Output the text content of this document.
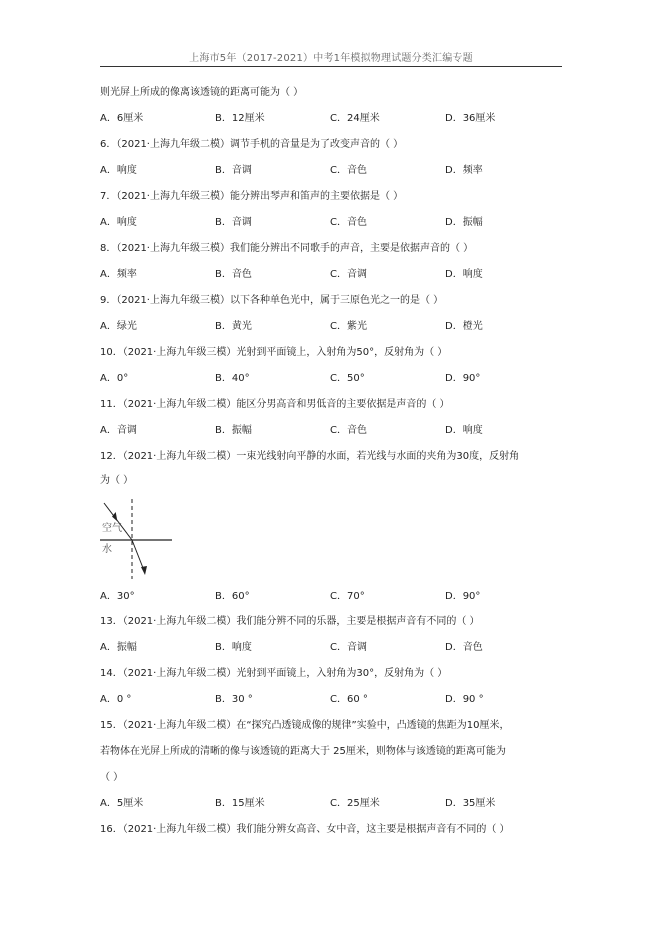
上海市5年（2017-2021）中考1年模拟物理试题分类汇编专题
则光屏上所成的像离该透镜的距离可能为（ ）
A．6厘米	B．12厘米	C．24厘米	D．36厘米
6．（2021·上海九年级二模）调节手机的音量是为了改变声音的（ ）
A．响度	B．音调	C．音色	D．频率
7．（2021·上海九年级三模）能分辨出琴声和笛声的主要依据是（ ）
A．响度	B．音调	C．音色	D．振幅
8．（2021·上海九年级三模）我们能分辨出不同歌手的声音，主要是依据声音的（ ）
A．频率	B．音色	C．音调	D．响度
9．（2021·上海九年级三模）以下各种单色光中，属于三原色光之一的是（ ）
A．绿光	B．黄光	C．紫光	D．橙光
10．（2021·上海九年级三模）光射到平面镜上，入射角为50°，反射角为（ ）
A．0°	B．40°	C．50°	D．90°
11．（2021·上海九年级二模）能区分男高音和男低音的主要依据是声音的（ ）
A．音调	B．振幅	C．音色	D．响度
12．（2021·上海九年级二模）一束光线射向平静的水面，若光线与水面的夹角为30度，反射角
为（ ）
空气
水
A．30°	B．60°	C．70°	D．90°
13．（2021·上海九年级二模）我们能分辨不同的乐器，主要是根据声音有不同的（ ）
A．振幅	B．响度	C．音调	D．音色
14．（2021·上海九年级二模）光射到平面镜上，入射角为30°，反射角为（ ）
A．0 °	B．30 °	C．60 °	D．90 °
15．（2021·上海九年级二模）在“探究凸透镜成像的规律”实验中，凸透镜的焦距为10厘米，
若物体在光屏上所成的清晰的像与该透镜的距离大于 25厘米，则物体与该透镜的距离可能为
（ ）
A．5厘米	B．15厘米	C．25厘米	D．35厘米
16．（2021·上海九年级二模）我们能分辨女高音、女中音，这主要是根据声音有不同的（ ）
